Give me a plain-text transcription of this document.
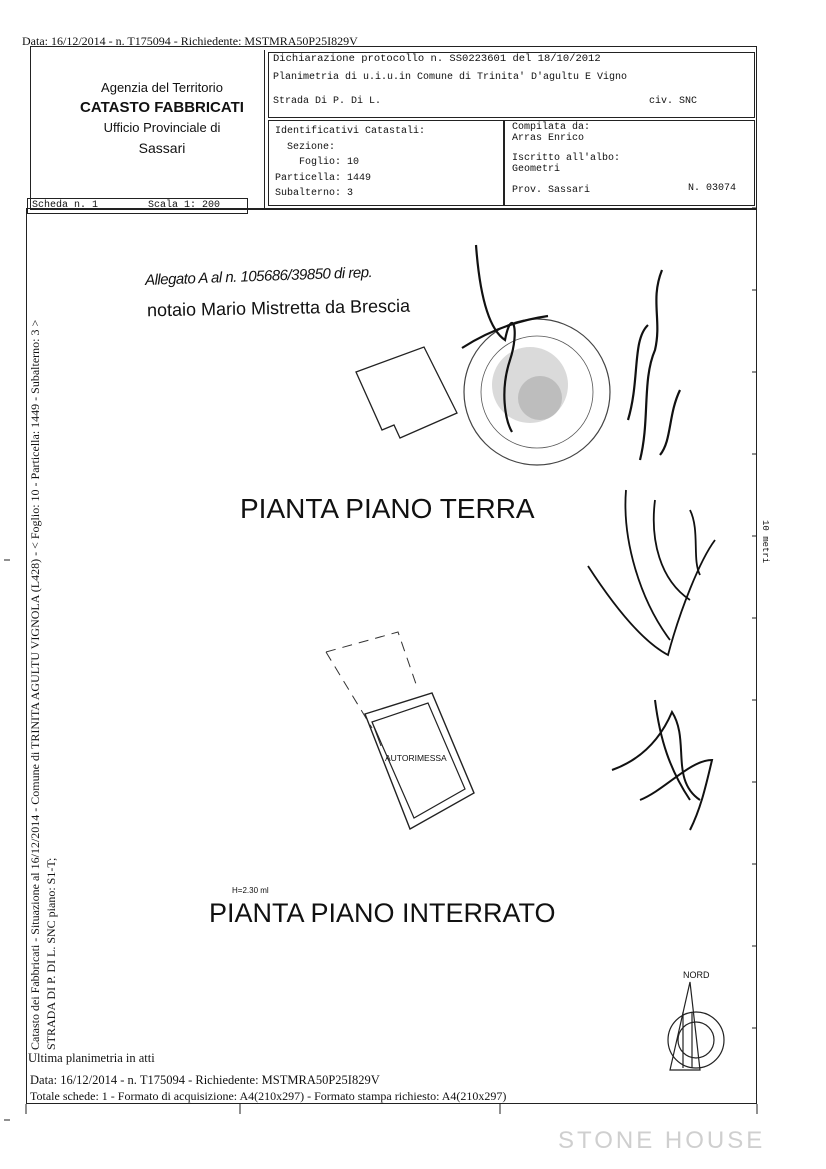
Data: 16/12/2014 - n. T175094 - Richiedente: MSTMRA50P25I829V
Agenzia del Territorio
CATASTO FABBRICATI
Ufficio Provinciale di
Sassari
Dichiarazione protocollo n. SS0223601 del 18/10/2012
Planimetria di u.i.u.in Comune di Trinita' D'agultu E Vigno
Strada Di P. Di L.	civ. SNC
Identificativi Catastali:
Sezione:
Foglio: 10
Particella: 1449
Subalterno: 3
Compilata da:
Arras Enrico
Iscritto all'albo:
Geometri
Prov. Sassari	N. 03074
Scheda n. 1	Scala 1: 200
Catasto dei Fabbricati - Situazione al 16/12/2014 - Comune di TRINITA AGULTU VIGNOLA (L428) - < Foglio: 10 - Particella: 1449 - Subalterno: 3 > STRADA DI P. DI L. SNC piano: S1-T;
Allegato A al n. 105686/39850 di rep.
notaio Mario Mistretta da Brescia
10 metri
PIANTA PIANO TERRA
AUTORIMESSA
H=2.30 ml
PIANTA PIANO INTERRATO
NORD
Ultima planimetria in atti
Data: 16/12/2014 - n. T175094 - Richiedente: MSTMRA50P25I829V
Totale schede: 1 - Formato di acquisizione: A4(210x297) - Formato stampa richiesto: A4(210x297)
STONE HOUSE
